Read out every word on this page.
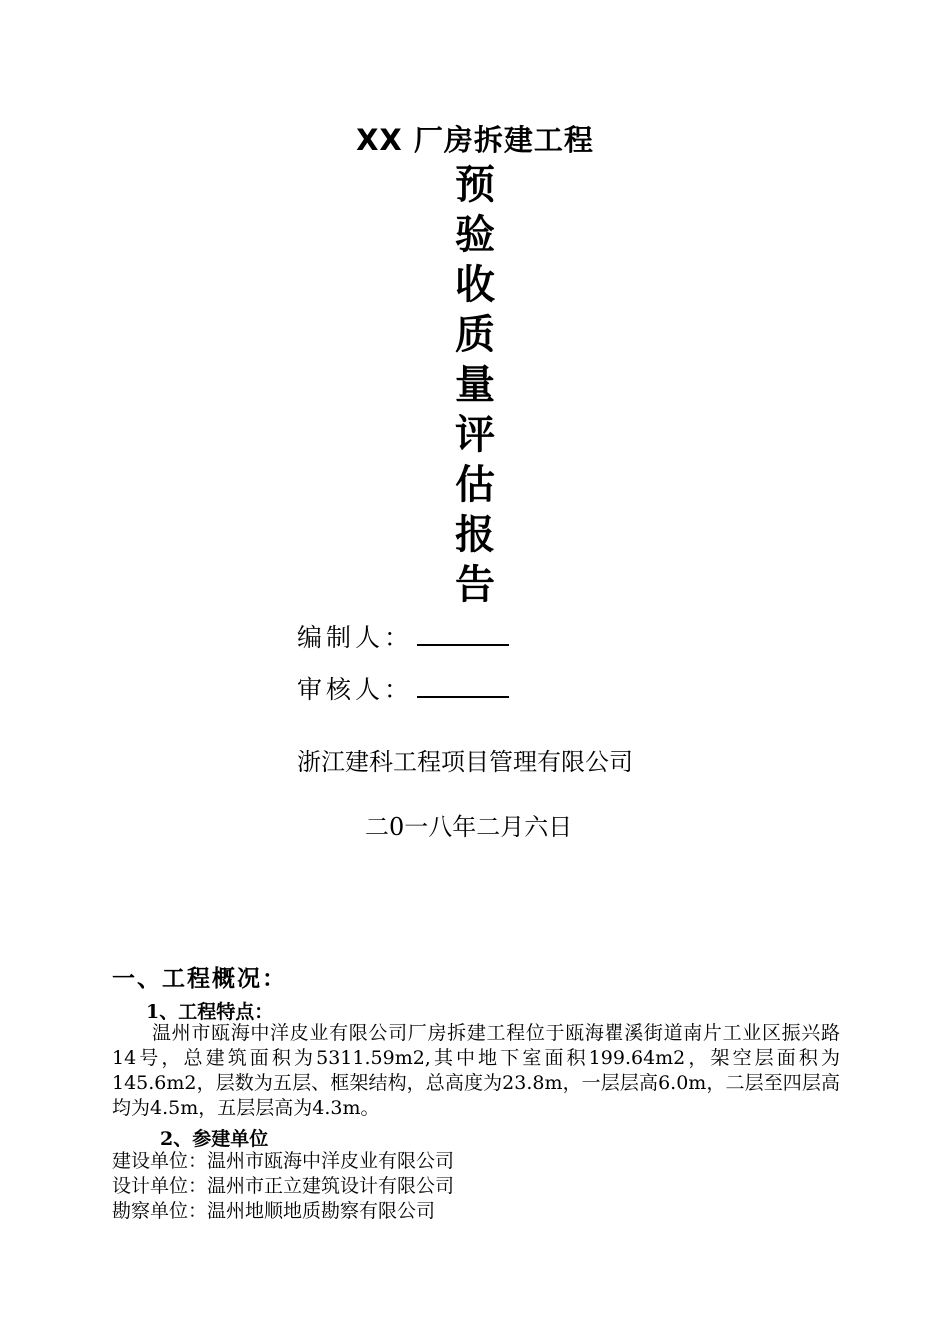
XX 厂房拆建工程
预
验
收
质
量
评
估
报
告
编制人：
审核人：
浙江建科工程项目管理有限公司
二0一八年二月六日
一、工程概况：
1、工程特点：
温州市瓯海中洋皮业有限公司厂房拆建工程位于瓯海瞿溪街道南片工业区振兴路14号，总建筑面积为5311.59m2,其中地下室面积199.64m2，架空层面积为145.6m2，层数为五层、框架结构，总高度为23.8m，一层层高6.0m，二层至四层高均为4.5m，五层层高为4.3m。
2、参建单位
建设单位：温州市瓯海中洋皮业有限公司
设计单位：温州市正立建筑设计有限公司
勘察单位：温州地顺地质勘察有限公司
